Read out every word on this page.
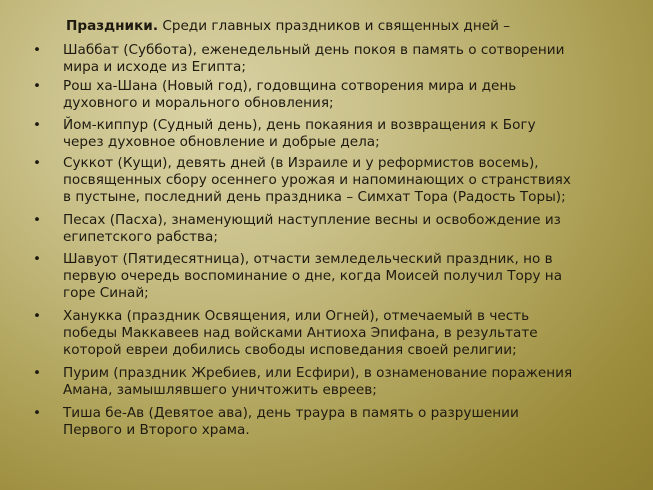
Праздники. Среди главных праздников и священных дней –
• Шаббат (Суббота), еженедельный день покоя в память о сотворении
мира и исходе из Египта;
• Рош ха-Шана (Новый год), годовщина сотворения мира и день
духовного и морального обновления;
• Йом-киппур (Судный день), день покаяния и возвращения к Богу
через духовное обновление и добрые дела;
• Суккот (Кущи), девять дней (в Израиле и у реформистов восемь),
посвященных сбору осеннего урожая и напоминающих о странствиях
в пустыне, последний день праздника – Симхат Тора (Радость Торы);
• Песах (Пасха), знаменующий наступление весны и освобождение из
египетского рабства;
• Шавуот (Пятидесятница), отчасти земледельческий праздник, но в
первую очередь воспоминание о дне, когда Моисей получил Тору на
горе Синай;
• Ханукка (праздник Освящения, или Огней), отмечаемый в честь
победы Маккавеев над войсками Антиоха Эпифана, в результате
которой евреи добились свободы исповедания своей религии;
• Пурим (праздник Жребиев, или Есфири), в ознаменование поражения
Амана, замышлявшего уничтожить евреев;
• Тиша бе-Ав (Девятое ава), день траура в память о разрушении
Первого и Второго храма.
